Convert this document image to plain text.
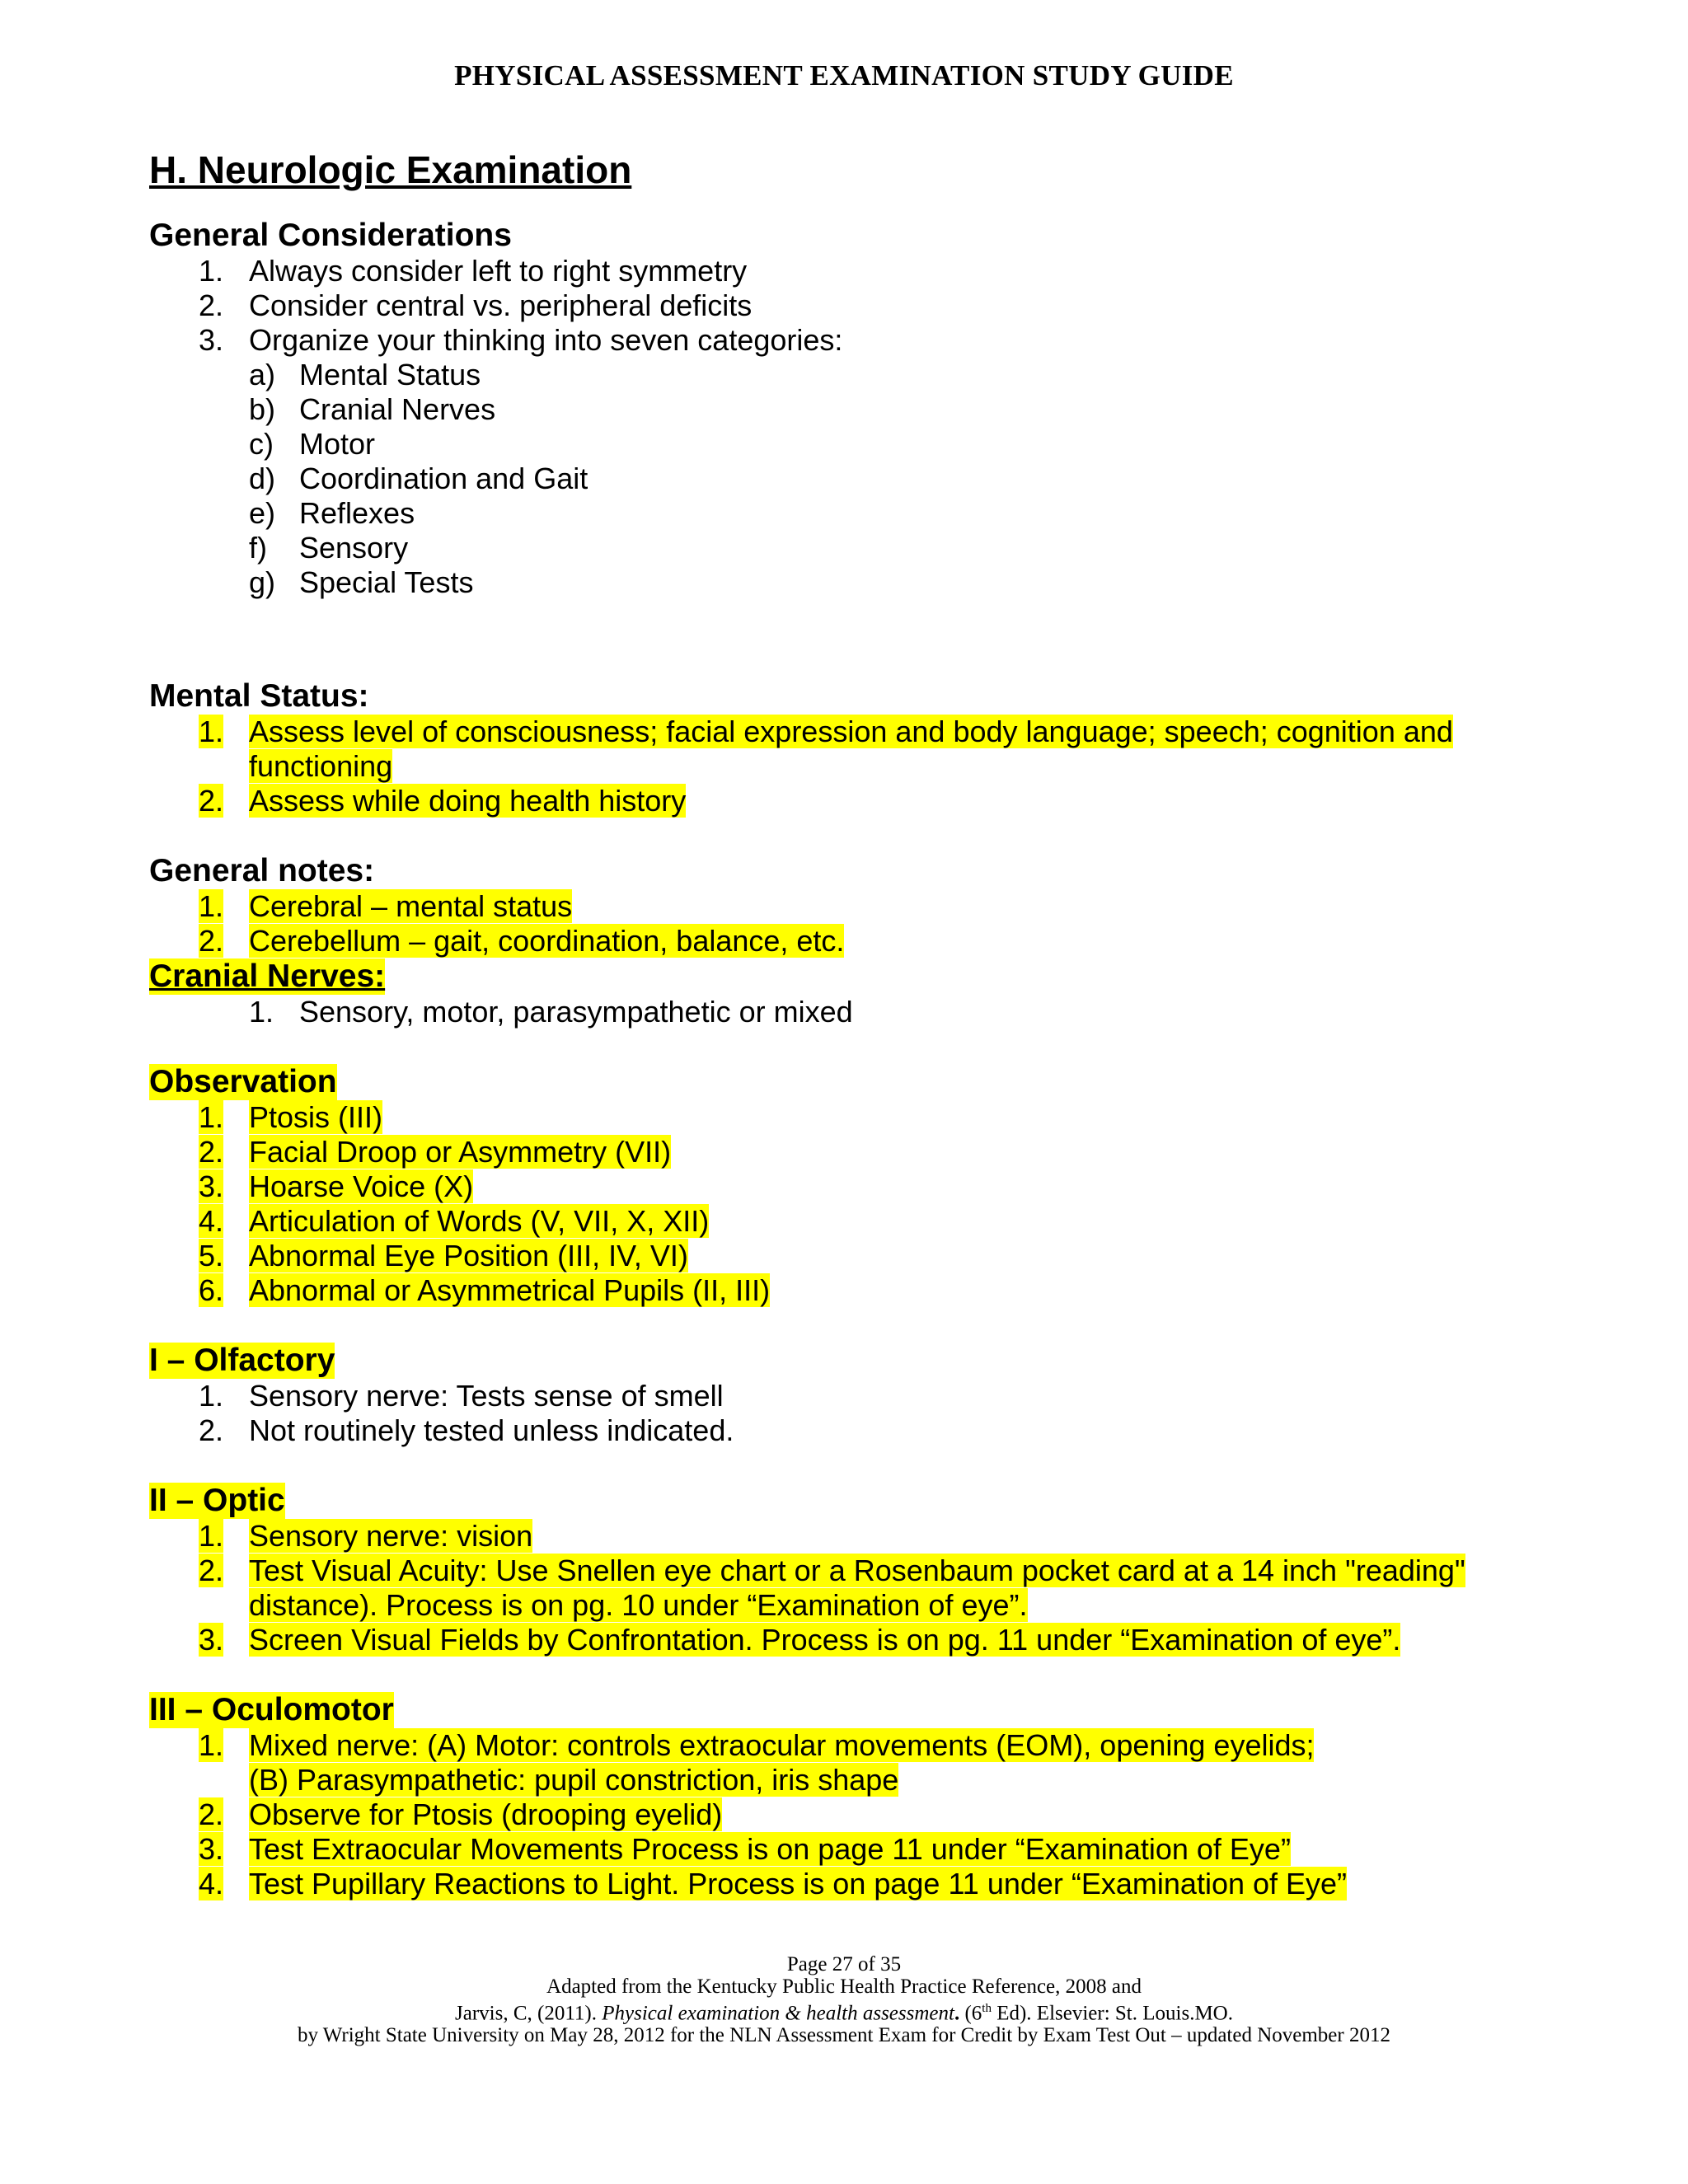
PHYSICAL ASSESSMENT EXAMINATION STUDY GUIDE
H. Neurologic Examination
General Considerations
1. Always consider left to right symmetry
2. Consider central vs. peripheral deficits
3. Organize your thinking into seven categories:
a) Mental Status
b) Cranial Nerves
c) Motor
d) Coordination and Gait
e) Reflexes
f)	Sensory
g) Special Tests
Mental Status:
1. Assess level of consciousness; facial expression and body language; speech; cognition and functioning
2. Assess while doing health history
General notes:
1. Cerebral – mental status
2. Cerebellum – gait, coordination, balance, etc.
Cranial Nerves:
1. Sensory, motor, parasympathetic or mixed
Observation
1. Ptosis (III)
2. Facial Droop or Asymmetry (VII)
3. Hoarse Voice (X)
4. Articulation of Words (V, VII, X, XII)
5. Abnormal Eye Position (III, IV, VI)
6. Abnormal or Asymmetrical Pupils (II, III)
I – Olfactory
1. Sensory nerve: Tests sense of smell
2. Not routinely tested unless indicated.
II – Optic
1. Sensory nerve: vision
2. Test Visual Acuity: Use Snellen eye chart or a Rosenbaum pocket card at a 14 inch "reading" distance). Process is on pg. 10 under “Examination of eye”.
3. Screen Visual Fields by Confrontation. Process is on pg. 11 under “Examination of eye”.
III – Oculomotor
1. Mixed nerve: (A) Motor: controls extraocular movements (EOM), opening eyelids; (B) Parasympathetic: pupil constriction, iris shape
2. Observe for Ptosis (drooping eyelid)
3. Test Extraocular Movements Process is on page 11 under “Examination of Eye”
4. Test Pupillary Reactions to Light. Process is on page 11 under “Examination of Eye”
Page 27 of 35
Adapted from the Kentucky Public Health Practice Reference, 2008 and
Jarvis, C, (2011). Physical examination & health assessment. (6th Ed). Elsevier: St. Louis.MO.
by Wright State University on May 28, 2012 for the NLN Assessment Exam for Credit by Exam Test Out – updated November 2012
